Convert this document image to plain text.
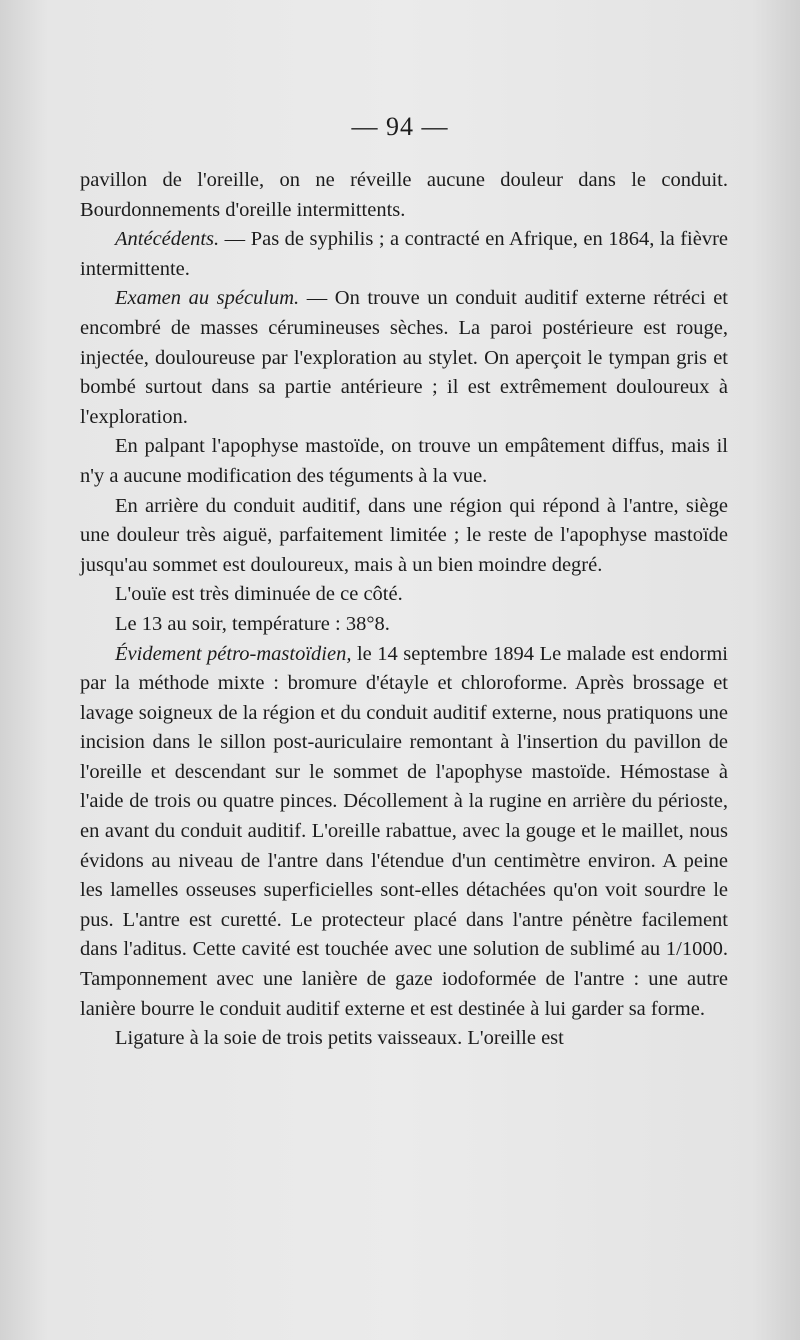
— 94 —

pavillon de l'oreille, on ne réveille aucune douleur dans le conduit. Bourdonnements d'oreille intermittents.

Antécédents. — Pas de syphilis ; a contracté en Afrique, en 1864, la fièvre intermittente.

Examen au spéculum. — On trouve un conduit auditif externe rétréci et encombré de masses cérumineuses sèches. La paroi postérieure est rouge, injectée, douloureuse par l'exploration au stylet. On aperçoit le tympan gris et bombé surtout dans sa partie antérieure ; il est extrêmement douloureux à l'exploration.

En palpant l'apophyse mastoïde, on trouve un empâtement diffus, mais il n'y a aucune modification des téguments à la vue.

En arrière du conduit auditif, dans une région qui répond à l'antre, siège une douleur très aiguë, parfaitement limitée ; le reste de l'apophyse mastoïde jusqu'au sommet est douloureux, mais à un bien moindre degré.

L'ouïe est très diminuée de ce côté.

Le 13 au soir, température : 38°8.

Évidement pétro-mastoïdien, le 14 septembre 1894 Le malade est endormi par la méthode mixte : bromure d'étayle et chloroforme. Après brossage et lavage soigneux de la région et du conduit auditif externe, nous pratiquons une incision dans le sillon post-auriculaire remontant à l'insertion du pavillon de l'oreille et descendant sur le sommet de l'apophyse mastoïde. Hémostase à l'aide de trois ou quatre pinces. Décollement à la rugine en arrière du périoste, en avant du conduit auditif. L'oreille rabattue, avec la gouge et le maillet, nous évidons au niveau de l'antre dans l'étendue d'un centimètre environ. A peine les lamelles osseuses superficielles sont-elles détachées qu'on voit sourdre le pus. L'antre est curetté. Le protecteur placé dans l'antre pénètre facilement dans l'aditus. Cette cavité est touchée avec une solution de sublimé au 1/1000. Tamponnement avec une lanière de gaze iodoformée de l'antre : une autre lanière bourre le conduit auditif externe et est destinée à lui garder sa forme.

Ligature à la soie de trois petits vaisseaux. L'oreille est
